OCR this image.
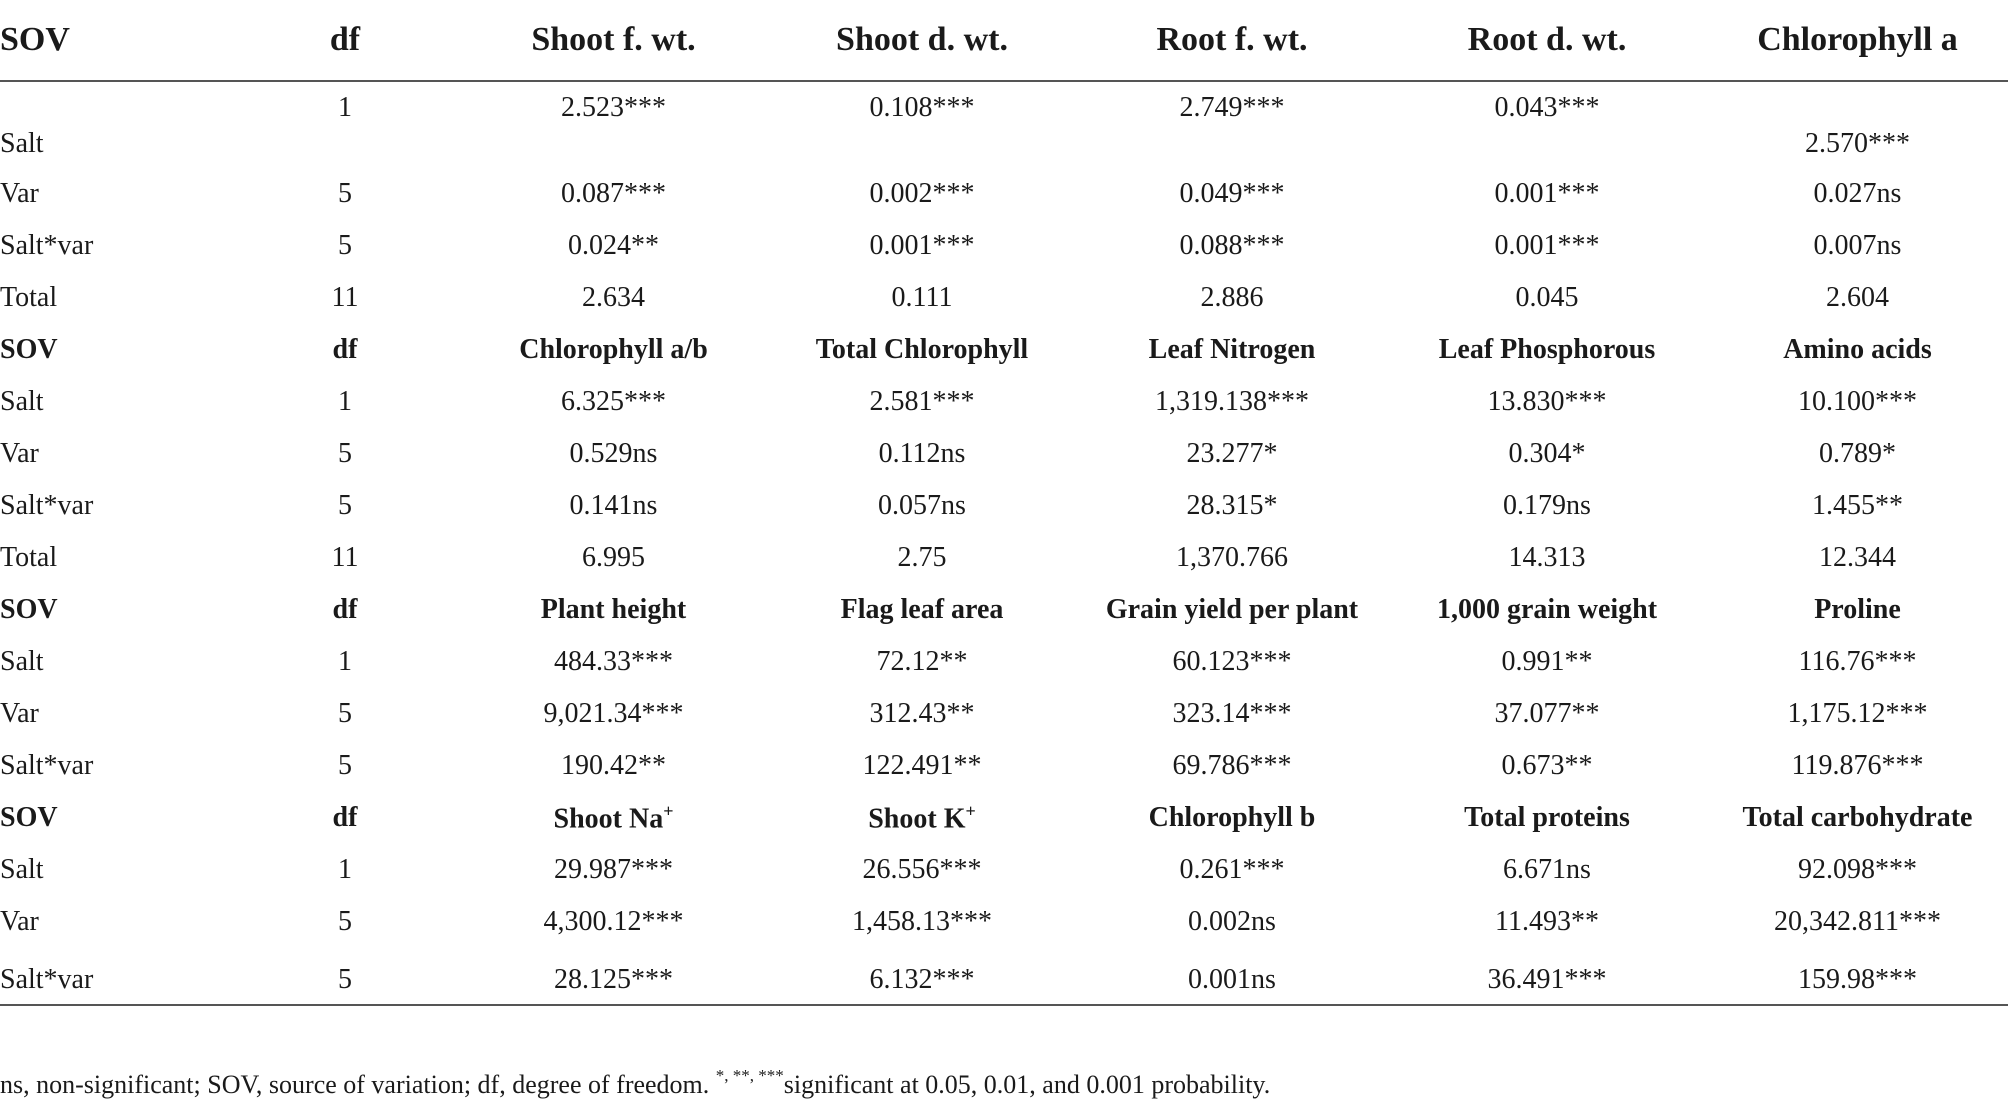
SOV	df	Shoot f. wt.	Shoot d. wt.	Root f. wt.	Root d. wt.	Chlorophyll a
Salt	1	2.523***	0.108***	2.749***	0.043***	2.570***
Var	5	0.087***	0.002***	0.049***	0.001***	0.027ns
Salt*var	5	0.024**	0.001***	0.088***	0.001***	0.007ns
Total	11	2.634	0.111	2.886	0.045	2.604
SOV	df	Chlorophyll a/b	Total Chlorophyll	Leaf Nitrogen	Leaf Phosphorous	Amino acids
Salt	1	6.325***	2.581***	1,319.138***	13.830***	10.100***
Var	5	0.529ns	0.112ns	23.277*	0.304*	0.789*
Salt*var	5	0.141ns	0.057ns	28.315*	0.179ns	1.455**
Total	11	6.995	2.75	1,370.766	14.313	12.344
SOV	df	Plant height	Flag leaf area	Grain yield per plant	1,000 grain weight	Proline
Salt	1	484.33***	72.12**	60.123***	0.991**	116.76***
Var	5	9,021.34***	312.43**	323.14***	37.077**	1,175.12***
Salt*var	5	190.42**	122.491**	69.786***	0.673**	119.876***
SOV	df	Shoot Na+	Shoot K+	Chlorophyll b	Total proteins	Total carbohydrate
Salt	1	29.987***	26.556***	0.261***	6.671ns	92.098***
Var	5	4,300.12***	1,458.13***	0.002ns	11.493**	20,342.811***
Salt*var	5	28.125***	6.132***	0.001ns	36.491***	159.98***
ns, non-significant; SOV, source of variation; df, degree of freedom. *, **, ***significant at 0.05, 0.01, and 0.001 probability.
